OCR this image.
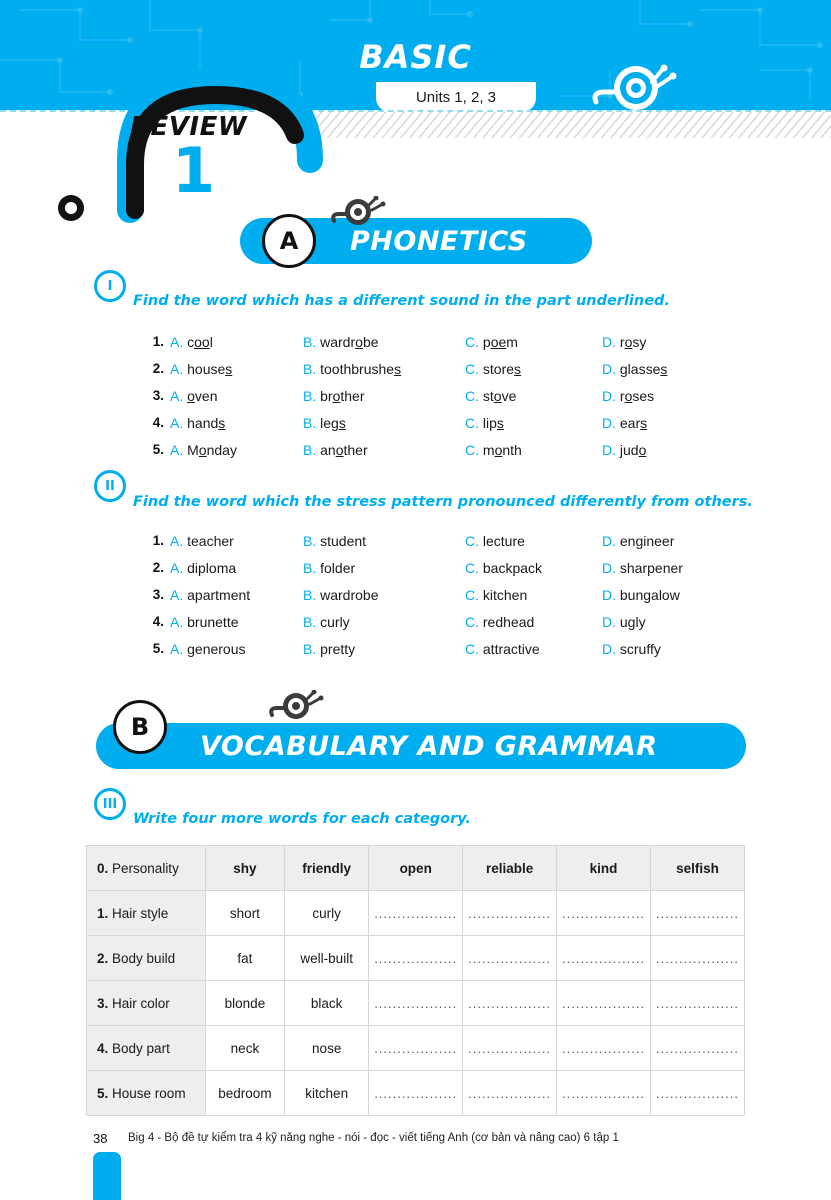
BASIC
Units 1, 2, 3
REVIEW
1
PHONETICS
A
I
Find the word which has a different sound in the part underlined.
1. A. cool	B. wardrobe	C. poem	D. rosy
2. A. houses	B. toothbrushes	C. stores	D. glasses
3. A. oven	B. brother	C. stove	D. roses
4. A. hands	B. legs	C. lips	D. ears
5. A. Monday	B. another	C. month	D. judo
II
Find the word which the stress pattern pronounced differently from others.
1. A. teacher	B. student	C. lecture	D. engineer
2. A. diploma	B. folder	C. backpack	D. sharpener
3. A. apartment	B. wardrobe	C. kitchen	D. bungalow
4. A. brunette	B. curly	C. redhead	D. ugly
5. A. generous	B. pretty	C. attractive	D. scruffy
VOCABULARY AND GRAMMAR
B
III
Write four more words for each category.
0. Personality	shy	friendly	open	reliable	kind	selfish
1. Hair style	short	curly	..................	..................	..................	..................
2. Body build	fat	well-built	..................	..................	..................	..................
3. Hair color	blonde	black	..................	..................	..................	..................
4. Body part	neck	nose	..................	..................	..................	..................
5. House room	bedroom	kitchen	..................	..................	..................	..................
38 Big 4 - Bộ đề tự kiểm tra 4 kỹ năng nghe - nói - đọc - viết tiếng Anh (cơ bản và nâng cao) 6 tập 1
